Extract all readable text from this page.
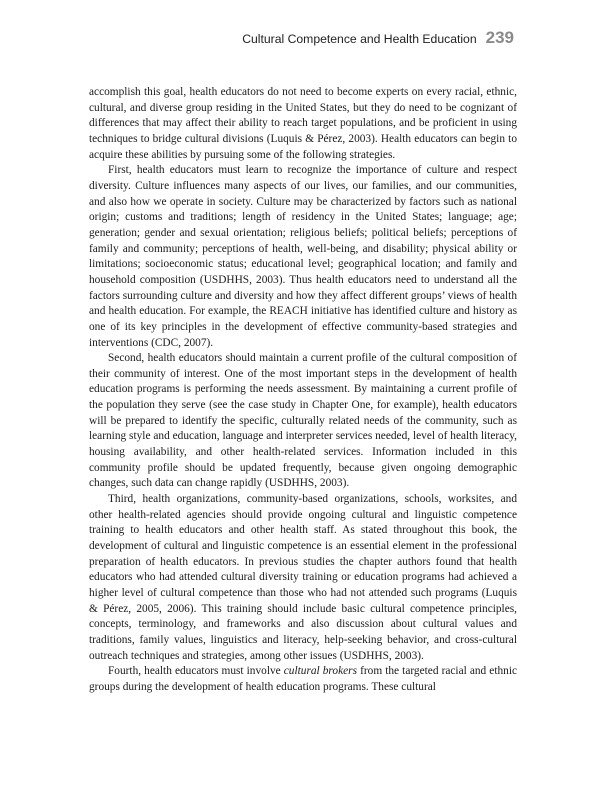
Cultural Competence and Health Education 239

accomplish this goal, health educators do not need to become experts on every racial, ethnic, cultural, and diverse group residing in the United States, but they do need to be cognizant of differences that may affect their ability to reach target populations, and be proficient in using techniques to bridge cultural divisions (Luquis & Pérez, 2003). Health educators can begin to acquire these abilities by pursuing some of the following strategies.

First, health educators must learn to recognize the importance of culture and respect diversity. Culture influences many aspects of our lives, our families, and our communities, and also how we operate in society. Culture may be characterized by factors such as national origin; customs and traditions; length of residency in the United States; language; age; generation; gender and sexual orientation; religious beliefs; political beliefs; perceptions of family and community; perceptions of health, well-being, and disability; physical ability or limitations; socioeconomic status; educational level; geographical location; and family and household composition (USDHHS, 2003). Thus health educators need to understand all the factors surrounding culture and diversity and how they affect different groups’ views of health and health education. For example, the REACH initiative has identified culture and history as one of its key principles in the development of effective community-based strategies and interventions (CDC, 2007).

Second, health educators should maintain a current profile of the cultural composition of their community of interest. One of the most important steps in the development of health education programs is performing the needs assessment. By maintaining a current profile of the population they serve (see the case study in Chapter One, for example), health educators will be prepared to identify the specific, culturally related needs of the community, such as learning style and education, language and interpreter services needed, level of health literacy, housing availability, and other health-related services. Information included in this community profile should be updated frequently, because given ongoing demographic changes, such data can change rapidly (USDHHS, 2003).

Third, health organizations, community-based organizations, schools, worksites, and other health-related agencies should provide ongoing cultural and linguistic competence training to health educators and other health staff. As stated throughout this book, the development of cultural and linguistic competence is an essential element in the professional preparation of health educators. In previous studies the chapter authors found that health educators who had attended cultural diversity training or education programs had achieved a higher level of cultural competence than those who had not attended such programs (Luquis & Pérez, 2005, 2006). This training should include basic cultural competence principles, concepts, terminology, and frameworks and also discussion about cultural values and traditions, family values, linguistics and literacy, help-seeking behavior, and cross-cultural outreach techniques and strategies, among other issues (USDHHS, 2003).

Fourth, health educators must involve cultural brokers from the targeted racial and ethnic groups during the development of health education programs. These cultural
